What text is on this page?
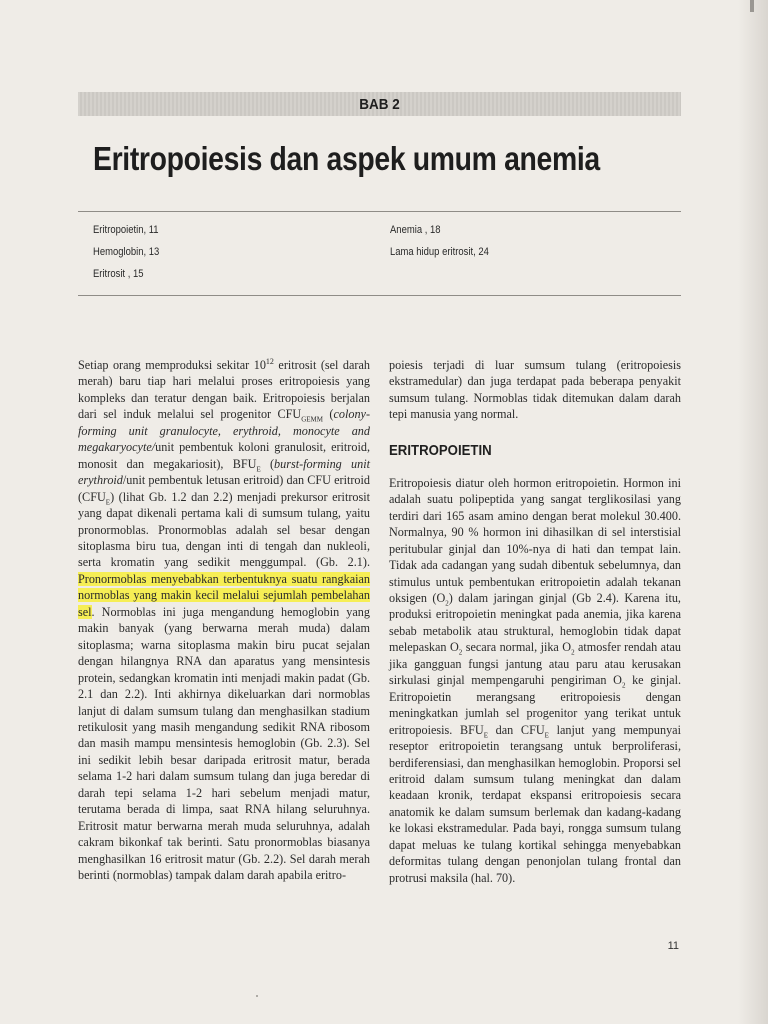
BAB 2
Eritropoiesis dan aspek umum anemia
Eritropoietin, 11
Hemoglobin, 13
Eritrosit , 15
Anemia , 18
Lama hidup eritrosit, 24

Setiap orang memproduksi sekitar $10^{12}$ eritrosit (sel darah merah) baru tiap hari melalui proses eritropoiesis yang kompleks dan teratur dengan baik. Eritropoiesis berjalan dari sel induk melalui sel progenitor $CFU_{GEMM}$ (colony-forming unit granulocyte, erythroid, monocyte and megakaryocyte/unit pembentuk koloni granulosit, eritroid, monosit dan megakariosit), $BFU_E$ (burst-forming unit erythroid/unit pembentuk letusan eritroid) dan CFU eritroid $(CFU_E)$ (lihat Gb. 1.2 dan 2.2) menjadi prekursor eritrosit yang dapat dikenali pertama kali di sumsum tulang, yaitu pronormoblas. Pronormoblas adalah sel besar dengan sitoplasma biru tua, dengan inti di tengah dan nukleoli, serta kromatin yang sedikit menggumpal. (Gb. 2.1). Pronormoblas menyebabkan terbentuknya suatu rangkaian normoblas yang makin kecil melalui sejumlah pembelahan sel. Normoblas ini juga mengandung hemoglobin yang makin banyak (yang berwarna merah muda) dalam sitoplasma; warna sitoplasma makin biru pucat sejalan dengan hilangnya RNA dan aparatus yang mensintesis protein, sedangkan kromatin inti menjadi makin padat (Gb. 2.1 dan 2.2). Inti akhirnya dikeluarkan dari normoblas lanjut di dalam sumsum tulang dan menghasilkan stadium retikulosit yang masih mengandung sedikit RNA ribosom dan masih mampu mensintesis hemoglobin (Gb. 2.3). Sel ini sedikit lebih besar daripada eritrosit matur, berada selama 1-2 hari dalam sumsum tulang dan juga beredar di darah tepi selama 1-2 hari sebelum menjadi matur, terutama berada di limpa, saat RNA hilang seluruhnya. Eritrosit matur berwarna merah muda seluruhnya, adalah cakram bikonkaf tak berinti. Satu pronormoblas biasanya menghasilkan 16 eritrosit matur (Gb. 2.2). Sel darah merah berinti (normoblas) tampak dalam darah apabila eritro-

poiesis terjadi di luar sumsum tulang (eritropoiesis ekstramedular) dan juga terdapat pada beberapa penyakit sumsum tulang. Normoblas tidak ditemukan dalam darah tepi manusia yang normal.

ERITROPOIETIN

Eritropoiesis diatur oleh hormon eritropoietin. Hormon ini adalah suatu polipeptida yang sangat terglikosilasi yang terdiri dari 165 asam amino dengan berat molekul 30.400. Normalnya, 90 % hormon ini dihasilkan di sel interstisial peritubular ginjal dan 10%-nya di hati dan tempat lain. Tidak ada cadangan yang sudah dibentuk sebelumnya, dan stimulus untuk pembentukan eritropoietin adalah tekanan oksigen $(O_2)$ dalam jaringan ginjal (Gb 2.4). Karena itu, produksi eritropoietin meningkat pada anemia, jika karena sebab metabolik atau struktural, hemoglobin tidak dapat melepaskan $O_2$ secara normal, jika $O_2$ atmosfer rendah atau jika gangguan fungsi jantung atau paru atau kerusakan sirkulasi ginjal mempengaruhi pengiriman $O_2$ ke ginjal. Eritropoietin merangsang eritropoiesis dengan meningkatkan jumlah sel progenitor yang terikat untuk eritropoiesis. $BFU_E$ dan $CFU_E$ lanjut yang mempunyai reseptor eritropoietin terangsang untuk berproliferasi, berdiferensiasi, dan menghasilkan hemoglobin. Proporsi sel eritroid dalam sumsum tulang meningkat dan dalam keadaan kronik, terdapat ekspansi eritropoiesis secara anatomik ke dalam sumsum berlemak dan kadang-kadang ke lokasi ekstramedular. Pada bayi, rongga sumsum tulang dapat meluas ke tulang kortikal sehingga menyebabkan deformitas tulang dengan penonjolan tulang frontal dan protrusi maksila (hal. 70).

11
